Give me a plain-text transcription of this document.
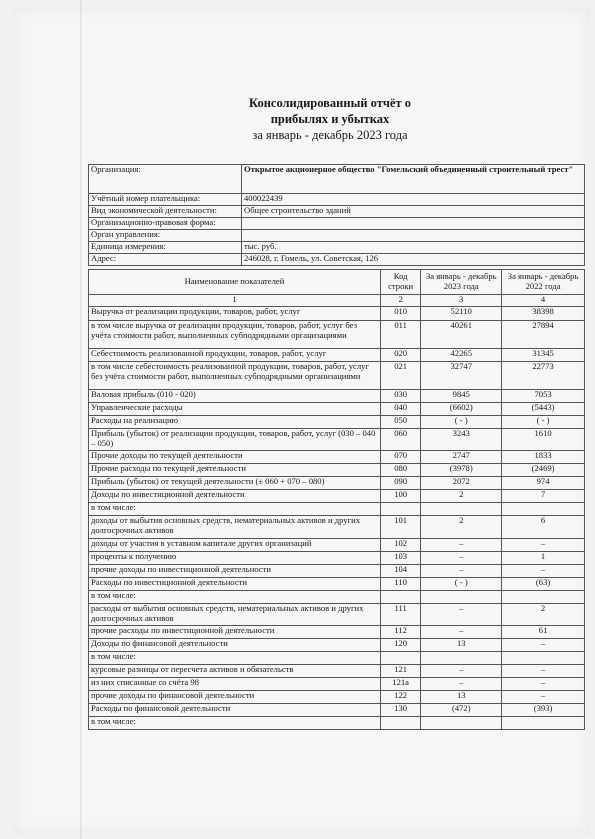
Консолидированный отчёт о
прибылях и убытках
за январь - декабрь 2023 года
Организация:	Открытое акционерное общество "Гомельский объединенный строительный трест"
Учётный номер плательщика:	400022439
Вид экономической деятельности:	Общее строительство зданий
Организационно-правовая форма:	
Орган управления:	
Единица измерения:	тыс. руб.
Адрес:	246028, г. Гомель, ул. Советская, 126
Наименование показателей	Код строки	За январь - декабрь 2023 года	За январь - декабрь 2022 года
1	2	3	4
Выручка от реализации продукции, товаров, работ, услуг	010	52110	38398
в том числе выручка от реализации продукции, товаров, работ, услуг без учёта стоимости работ, выполненных субподрядными организациями	011	40261	27894
Себестоимость реализованной продукции, товаров, работ, услуг	020	42265	31345
в том числе себестоимость реализованной продукции, товаров, работ, услуг без учёта стоимости работ, выполненных субподрядными организациями	021	32747	22773
Валовая прибыль (010 - 020)	030	9845	7053
Управленческие расходы	040	(6602)	(5443)
Расходы на реализацию	050	( - )	( - )
Прибыль (убыток) от реализации продукции, товаров, работ, услуг (030 – 040 – 050)	060	3243	1610
Прочие доходы по текущей деятельности	070	2747	1833
Прочие расходы по текущей деятельности	080	(3978)	(2469)
Прибыль (убыток) от текущей деятельности (± 060 + 070 – 080)	090	2072	974
Доходы по инвестиционной деятельности	100	2	7
в том числе:			
доходы от выбытия основных средств, нематериальных активов и других долгосрочных активов	101	2	6
доходы от участия в уставном капитале других организаций	102	–	–
проценты к получению	103	–	1
прочие доходы по инвестиционной деятельности	104	–	–
Расходы по инвестиционной деятельности	110	( - )	(63)
в том числе:			
расходы от выбытия основных средств, нематериальных активов и других долгосрочных активов	111	–	2
прочие расходы по инвестиционной деятельности	112	–	61
Доходы по финансовой деятельности	120	13	–
в том числе:			
курсовые разницы от пересчета активов и обязательств	121	–	–
из них списанные со счёта 98	121a	–	–
прочие доходы по финансовой деятельности	122	13	–
Расходы по финансовой деятельности	130	(472)	(393)
в том числе:			
